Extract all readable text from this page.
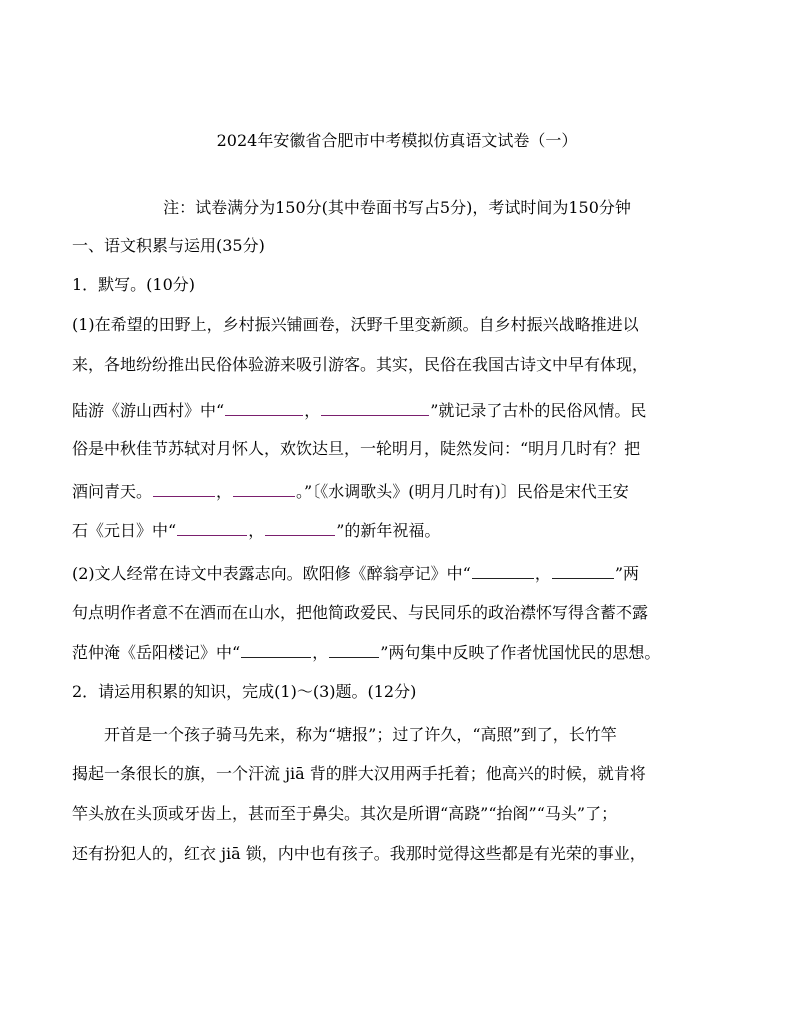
2024年安徽省合肥市中考模拟仿真语文试卷（一）
注：试卷满分为150分(其中卷面书写占5分)，考试时间为150分钟
一、语文积累与运用(35分)
1．默写。(10分)
(1)在希望的田野上，乡村振兴铺画卷，沃野千里变新颜。自乡村振兴战略推进以
来，各地纷纷推出民俗体验游来吸引游客。其实，民俗在我国古诗文中早有体现，
陆游《游山西村》中“	，	”就记录了古朴的民俗风情。民
俗是中秋佳节苏轼对月怀人，欢饮达旦，一轮明月，陡然发问：“明月几时有？把
酒问青天。	，	。”〔《水调歌头》(明月几时有)〕民俗是宋代王安
石《元日》中“	，	”的新年祝福。
(2)文人经常在诗文中表露志向。欧阳修《醉翁亭记》中“	，	”两
句点明作者意不在酒而在山水，把他简政爱民、与民同乐的政治襟怀写得含蓄不露
范仲淹《岳阳楼记》中“	，	”两句集中反映了作者忧国忧民的思想。
2．请运用积累的知识，完成(1)～(3)题。(12分)
开首是一个孩子骑马先来，称为“塘报”；过了许久，“高照”到了，长竹竿
揭起一条很长的旗，一个汗流 jiā 背的胖大汉用两手托着；他高兴的时候，就肯将
竿头放在头顶或牙齿上，甚而至于鼻尖。其次是所谓“高跷”“抬阁”“马头”了；
还有扮犯人的，红衣 jiā 锁，内中也有孩子。我那时觉得这些都是有光荣的事业，
